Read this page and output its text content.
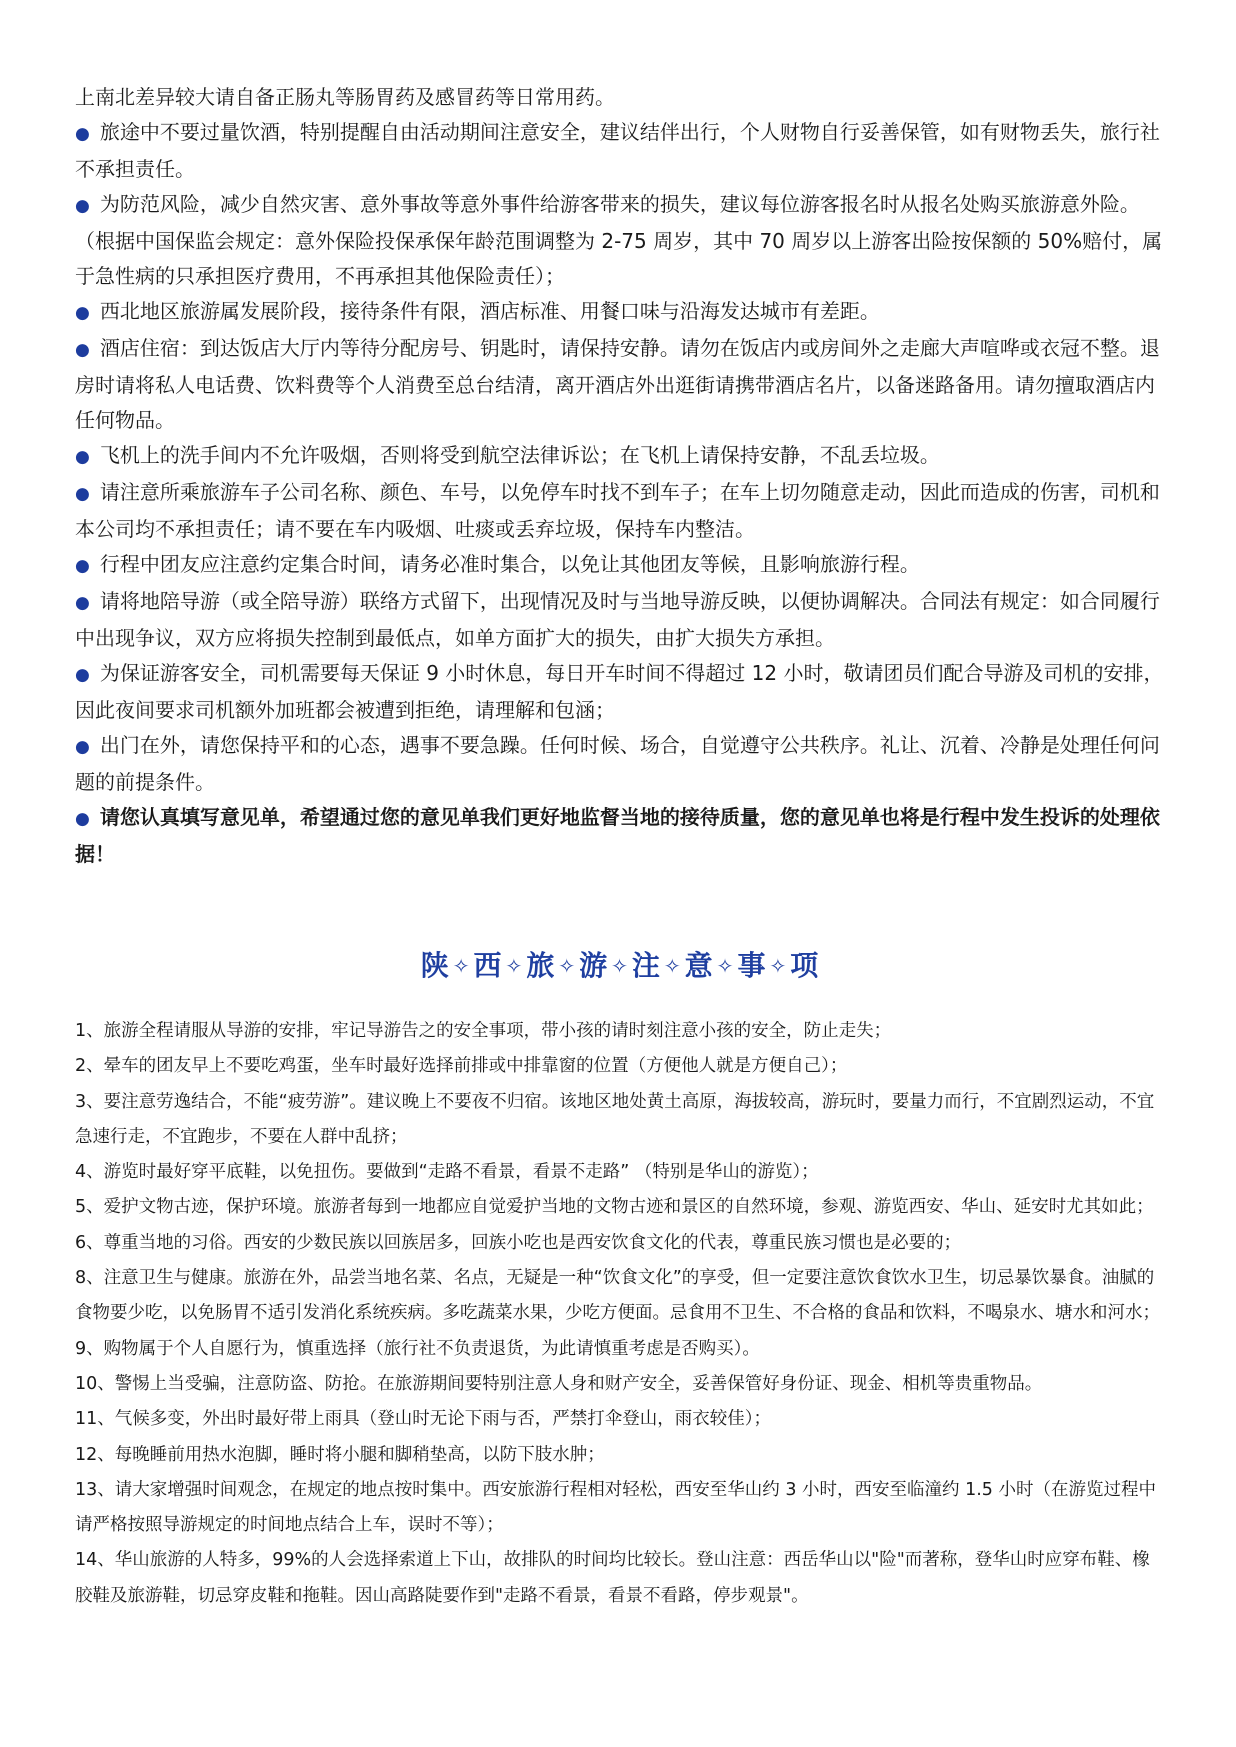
上南北差异较大请自备正肠丸等肠胃药及感冒药等日常用药。

● 旅途中不要过量饮酒，特别提醒自由活动期间注意安全，建议结伴出行，个人财物自行妥善保管，如有财物丢失，旅行社不承担责任。
● 为防范风险，减少自然灾害、意外事故等意外事件给游客带来的损失，建议每位游客报名时从报名处购买旅游意外险。（根据中国保监会规定：意外保险投保承保年龄范围调整为 2-75 周岁，其中 70 周岁以上游客出险按保额的 50%赔付，属于急性病的只承担医疗费用，不再承担其他保险责任）；
● 西北地区旅游属发展阶段，接待条件有限，酒店标准、用餐口味与沿海发达城市有差距。
● 酒店住宿：到达饭店大厅内等待分配房号、钥匙时，请保持安静。请勿在饭店内或房间外之走廊大声喧哗或衣冠不整。退房时请将私人电话费、饮料费等个人消费至总台结清，离开酒店外出逛街请携带酒店名片，以备迷路备用。请勿擅取酒店内任何物品。
● 飞机上的洗手间内不允许吸烟，否则将受到航空法律诉讼；在飞机上请保持安静，不乱丢垃圾。
● 请注意所乘旅游车子公司名称、颜色、车号，以免停车时找不到车子；在车上切勿随意走动，因此而造成的伤害，司机和本公司均不承担责任；请不要在车内吸烟、吐痰或丢弃垃圾，保持车内整洁。
● 行程中团友应注意约定集合时间，请务必准时集合，以免让其他团友等候，且影响旅游行程。
● 请将地陪导游（或全陪导游）联络方式留下，出现情况及时与当地导游反映，以便协调解决。合同法有规定：如合同履行中出现争议，双方应将损失控制到最低点，如单方面扩大的损失，由扩大损失方承担。
● 为保证游客安全，司机需要每天保证 9 小时休息，每日开车时间不得超过 12 小时，敬请团员们配合导游及司机的安排，因此夜间要求司机额外加班都会被遭到拒绝，请理解和包涵；
● 出门在外，请您保持平和的心态，遇事不要急躁。任何时候、场合，自觉遵守公共秩序。礼让、沉着、冷静是处理任何问题的前提条件。
● 请您认真填写意见单，希望通过您的意见单我们更好地监督当地的接待质量，您的意见单也将是行程中发生投诉的处理依据！
陕 ✧ 西 ✧ 旅 ✧ 游 ✧ 注 ✧ 意 ✧ 事 ✧ 项
1、旅游全程请服从导游的安排，牢记导游告之的安全事项，带小孩的请时刻注意小孩的安全，防止走失；
2、晕车的团友早上不要吃鸡蛋，坐车时最好选择前排或中排靠窗的位置（方便他人就是方便自己）；
3、要注意劳逸结合，不能“疲劳游”。建议晚上不要夜不归宿。该地区地处黄土高原，海拔较高，游玩时，要量力而行，不宜剧烈运动，不宜急速行走，不宜跑步，不要在人群中乱挤；
4、游览时最好穿平底鞋，以免扭伤。要做到“走路不看景，看景不走路” （特别是华山的游览）；
5、爱护文物古迹，保护环境。旅游者每到一地都应自觉爱护当地的文物古迹和景区的自然环境，参观、游览西安、华山、延安时尤其如此；
6、尊重当地的习俗。西安的少数民族以回族居多，回族小吃也是西安饮食文化的代表，尊重民族习惯也是必要的；
8、注意卫生与健康。旅游在外，品尝当地名菜、名点，无疑是一种“饮食文化”的享受，但一定要注意饮食饮水卫生，切忌暴饮暴食。油腻的食物要少吃，以免肠胃不适引发消化系统疾病。多吃蔬菜水果，少吃方便面。忌食用不卫生、不合格的食品和饮料，不喝泉水、塘水和河水；
9、购物属于个人自愿行为，慎重选择（旅行社不负责退货，为此请慎重考虑是否购买）。
10、警惕上当受骗，注意防盗、防抢。在旅游期间要特别注意人身和财产安全，妥善保管好身份证、现金、相机等贵重物品。
11、气候多变，外出时最好带上雨具（登山时无论下雨与否，严禁打伞登山，雨衣较佳）；
12、每晚睡前用热水泡脚，睡时将小腿和脚稍垫高，以防下肢水肿；
13、请大家增强时间观念，在规定的地点按时集中。西安旅游行程相对轻松，西安至华山约 3 小时，西安至临潼约 1.5 小时（在游览过程中请严格按照导游规定的时间地点结合上车，误时不等）；
14、华山旅游的人特多，99%的人会选择索道上下山，故排队的时间均比较长。登山注意：西岳华山以"险"而著称，登华山时应穿布鞋、橡胶鞋及旅游鞋，切忌穿皮鞋和拖鞋。因山高路陡要作到"走路不看景，看景不看路，停步观景"。
